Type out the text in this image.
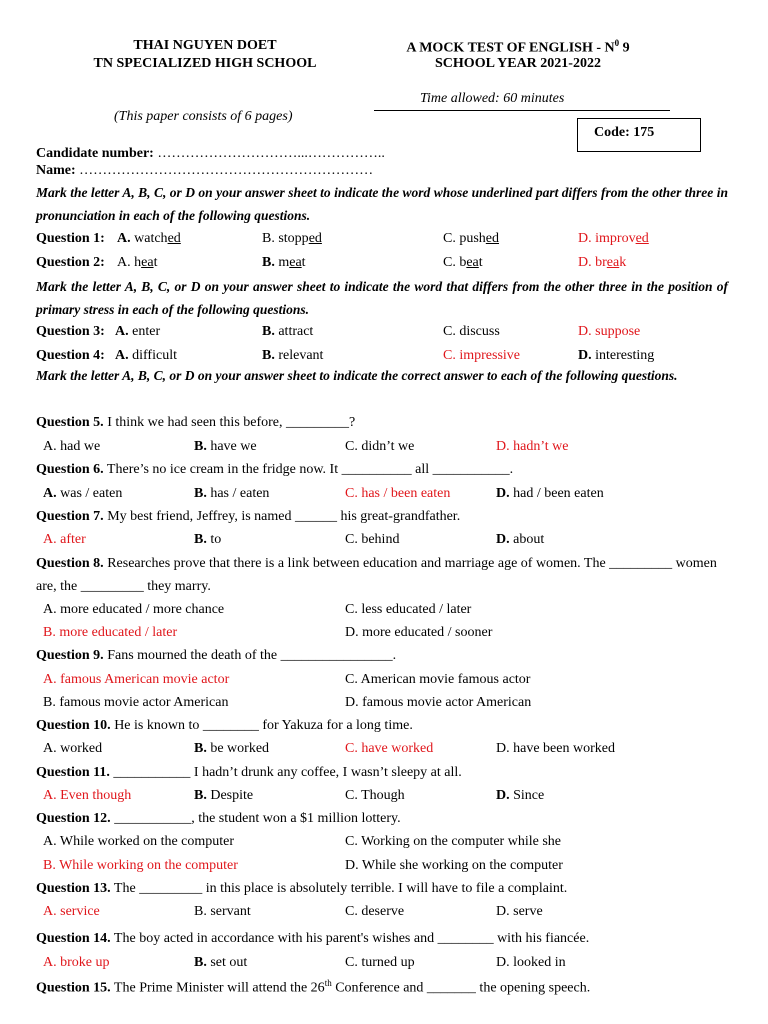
THAI NGUYEN DOET
TN SPECIALIZED HIGH SCHOOL
A MOCK TEST OF ENGLISH - $N^0$ 9
SCHOOL YEAR 2021-2022
Time allowed: 60 minutes
(This paper consists of 6 pages)
Code: 175
Candidate number: …………………………...……………..
Name: ………………………………………………………
Mark the letter A, B, C, or D on your answer sheet to indicate the word whose underlined part differs from the other three in pronunciation in each of the following questions.
Question 1: A. watched	B. stopped	C. pushed	D. improved
Question 2: A. heat	B. meat	C. beat	D. break
Mark the letter A, B, C, or D on your answer sheet to indicate the word that differs from the other three in the position of primary stress in each of the following questions.
Question 3: A. enter	B. attract	C. discuss	D. suppose
Question 4: A. difficult	B. relevant	C. impressive	D. interesting
Mark the letter A, B, C, or D on your answer sheet to indicate the correct answer to each of the following questions.
Question 5. I think we had seen this before, _________?
A. had we	B. have we	C. didn’t we	D. hadn’t we
Question 6. There’s no ice cream in the fridge now. It __________ all ___________.
A. was / eaten	B. has / eaten	C. has / been eaten	D. had / been eaten
Question 7. My best friend, Jeffrey, is named ______ his great-grandfather.
A. after	B. to	C. behind	D. about
Question 8. Researches prove that there is a link between education and marriage age of women. The _________ women are, the _________ they marry.
A. more educated / more chance	C. less educated / later
B. more educated / later	D. more educated / sooner
Question 9. Fans mourned the death of the ________________.
A. famous American movie actor	C. American movie famous actor
B. famous movie actor American	D. famous movie actor American
Question 10. He is known to ________ for Yakuza for a long time.
A. worked	B. be worked	C. have worked	D. have been worked
Question 11. ___________ I hadn’t drunk any coffee, I wasn’t sleepy at all.
A. Even though	B. Despite	C. Though	D. Since
Question 12. ___________, the student won a $1 million lottery.
A. While worked on the computer	C. Working on the computer while she
B. While working on the computer	D. While she working on the computer
Question 13. The _________ in this place is absolutely terrible. I will have to file a complaint.
A. service	B. servant	C. deserve	D. serve
Question 14. The boy acted in accordance with his parent's wishes and ________ with his fiancée.
A. broke up	B. set out	C. turned up	D. looked in
Question 15. The Prime Minister will attend the 26th Conference and _______ the opening speech.
